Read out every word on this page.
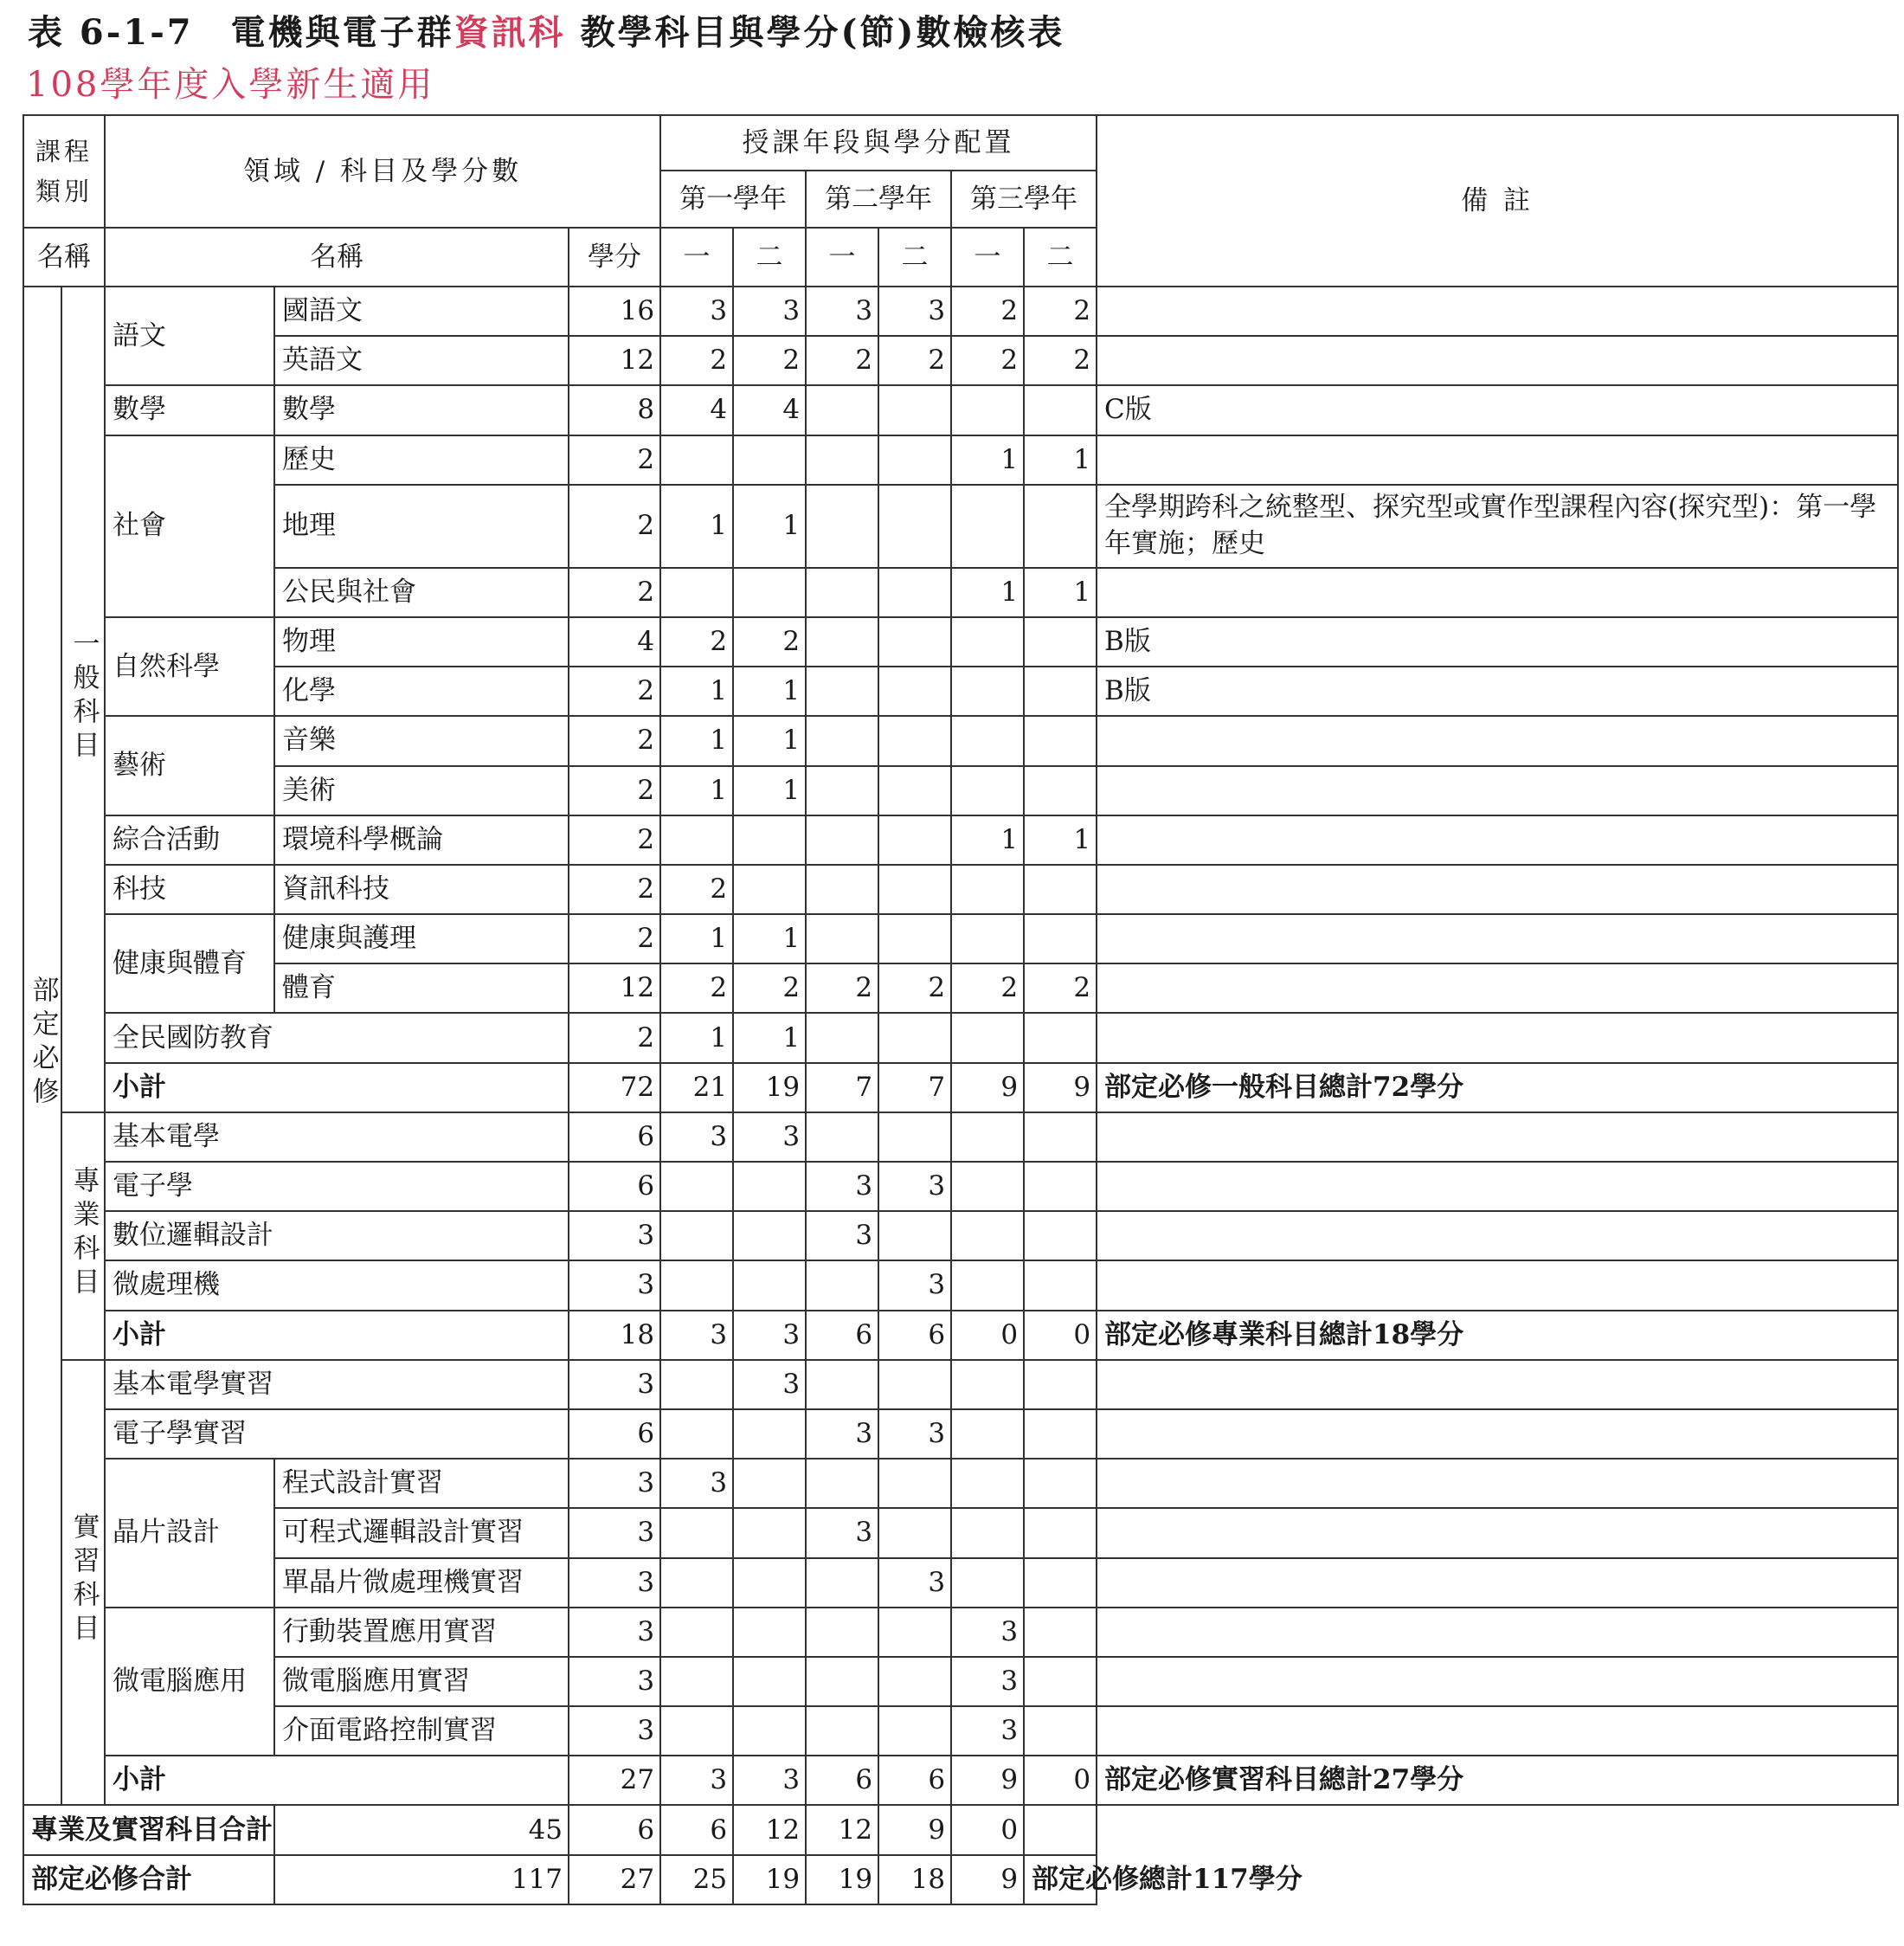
表 6-1-7　電機與電子群資訊科 教學科目與學分(節)數檢核表
108學年度入學新生適用
課程
類別		領域 / 科目及學分數			授課年段與學分配置						備 註
					第一學年		第二學年		第三學年		
名稱		名稱		學分	一	二	一	二	一	二	
部定必修	一般科目	語文	國語文	16	3	3	3	3	2	2	
			英語文	12	2	2	2	2	2	2	
		數學	數學	8	4	4					C版
		社會	歷史	2					1	1	
			地理	2	1	1					全學期跨科之統整型、探究型或實作型課程內容(探究型)：第一學年實施；歷史
			公民與社會	2					1	1	
		自然科學	物理	4	2	2					B版
			化學	2	1	1					B版
		藝術	音樂	2	1	1					
			美術	2	1	1					
		綜合活動	環境科學概論	2					1	1	
		科技	資訊科技	2	2						
		健康與體育	健康與護理	2	1	1					
			體育	12	2	2	2	2	2	2	
		全民國防教育		2	1	1					
		小計		72	21	19	7	7	9	9	部定必修一般科目總計72學分
	專業科目	基本電學		6	3	3					
		電子學		6			3	3			
		數位邏輯設計		3			3				
		微處理機		3				3			
		小計		18	3	3	6	6	0	0	部定必修專業科目總計18學分
	實習科目	基本電學實習		3		3					
		電子學實習		6			3	3			
		晶片設計	程式設計實習	3	3						
			可程式邏輯設計實習	3			3				
			單晶片微處理機實習	3				3			
		微電腦應用	行動裝置應用實習	3					3		
			微電腦應用實習	3					3		
			介面電路控制實習	3					3		
		小計		27	3	3	6	6	9	0	部定必修實習科目總計27學分
專業及實習科目合計			45	6	6	12	12	9	0		
部定必修合計			117	27	25	19	19	18	9	部定必修總計117學分	
